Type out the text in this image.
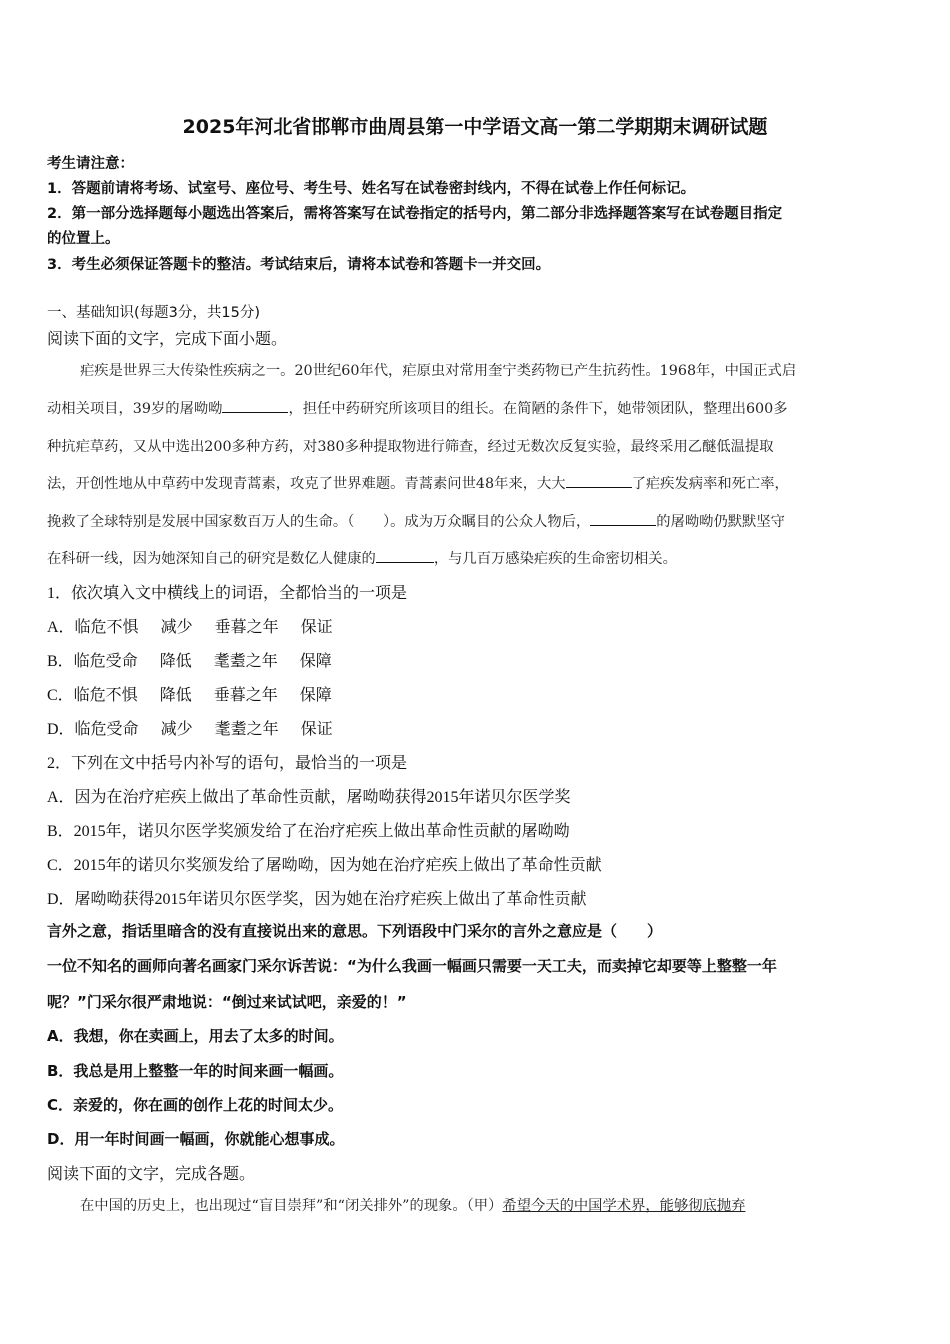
2025年河北省邯郸市曲周县第一中学语文高一第二学期期末调研试题
考生请注意：
1．答题前请将考场、试室号、座位号、考生号、姓名写在试卷密封线内，不得在试卷上作任何标记。
2．第一部分选择题每小题选出答案后，需将答案写在试卷指定的括号内，第二部分非选择题答案写在试卷题目指定
的位置上。
3．考生必须保证答题卡的整洁。考试结束后，请将本试卷和答题卡一并交回。
一、基础知识(每题3分，共15分)
阅读下面的文字，完成下面小题。
疟疾是世界三大传染性疾病之一。20世纪60年代，疟原虫对常用奎宁类药物已产生抗药性。1968年，中国正式启
动相关项目，39岁的屠呦呦	，担任中药研究所该项目的组长。在简陋的条件下，她带领团队，整理出600多
种抗疟草药，又从中选出200多种方药，对380多种提取物进行筛查，经过无数次反复实验，最终采用乙醚低温提取
法，开创性地从中草药中发现青蒿素，攻克了世界难题。青蒿素问世48年来，大大	了疟疾发病率和死亡率，
挽救了全球特别是发展中国家数百万人的生命。（　　）。成为万众瞩目的公众人物后，	的屠呦呦仍默默坚守
在科研一线，因为她深知自己的研究是数亿人健康的	，与几百万感染疟疾的生命密切相关。
1．依次填入文中横线上的词语，全都恰当的一项是
A．临危不惧 减少 垂暮之年 保证
B．临危受命 降低 耄耋之年 保障
C．临危不惧 降低 垂暮之年 保障
D．临危受命 减少 耄耋之年 保证
2．下列在文中括号内补写的语句，最恰当的一项是
A．因为在治疗疟疾上做出了革命性贡献，屠呦呦获得2015年诺贝尔医学奖
B．2015年，诺贝尔医学奖颁发给了在治疗疟疾上做出革命性贡献的屠呦呦
C．2015年的诺贝尔奖颁发给了屠呦呦，因为她在治疗疟疾上做出了革命性贡献
D．屠呦呦获得2015年诺贝尔医学奖，因为她在治疗疟疾上做出了革命性贡献
言外之意，指话里暗含的没有直接说出来的意思。下列语段中门采尔的言外之意应是（　　）
一位不知名的画师向著名画家门采尔诉苦说：“为什么我画一幅画只需要一天工夫，而卖掉它却要等上整整一年
呢？”门采尔很严肃地说：“倒过来试试吧，亲爱的！”
A．我想，你在卖画上，用去了太多的时间。
B．我总是用上整整一年的时间来画一幅画。
C．亲爱的，你在画的创作上花的时间太少。
D．用一年时间画一幅画，你就能心想事成。
阅读下面的文字，完成各题。
在中国的历史上，也出现过“盲目崇拜”和“闭关排外”的现象。（甲）希望今天的中国学术界，能够彻底抛弃
